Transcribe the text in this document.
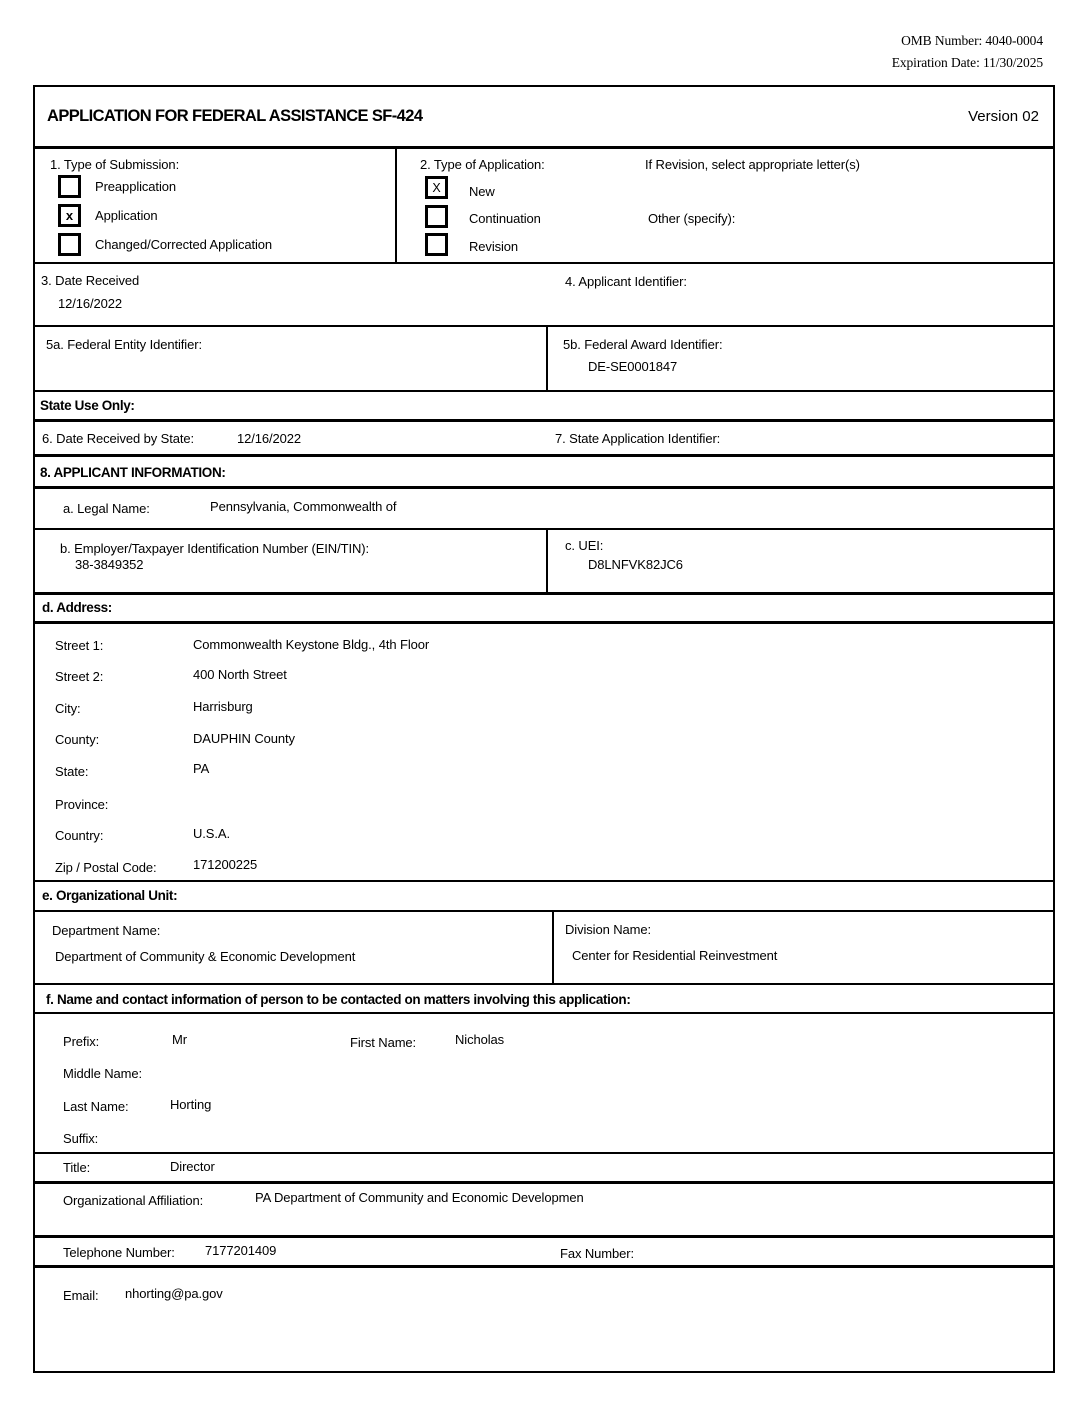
OMB Number: 4040-0004
Expiration Date: 11/30/2025
APPLICATION FOR FEDERAL ASSISTANCE SF-424	Version 02
1. Type of Submission:
Preapplication
x	Application
Changed/Corrected Application
2. Type of Application:	If Revision, select appropriate letter(s)
X	New
Continuation	Other (specify):
Revision
3. Date Received
12/16/2022
4. Applicant Identifier:
5a. Federal Entity Identifier:	5b. Federal Award Identifier:
DE-SE0001847
State Use Only:
6. Date Received by State:	12/16/2022	7. State Application Identifier:
8. APPLICANT INFORMATION:
a. Legal Name:	Pennsylvania, Commonwealth of
b. Employer/Taxpayer Identification Number (EIN/TIN):
38-3849352
c. UEI:
D8LNFVK82JC6
d. Address:
Street 1:	Commonwealth Keystone Bldg., 4th Floor
Street 2:	400 North Street
City:	Harrisburg
County:	DAUPHIN County
State:	PA
Province:
Country:	U.S.A.
Zip / Postal Code:	171200225
e. Organizational Unit:
Department Name:
Department of Community & Economic Development
Division Name:
Center for Residential Reinvestment
f. Name and contact information of person to be contacted on matters involving this application:
Prefix:	Mr	First Name:	Nicholas
Middle Name:
Last Name:	Horting
Suffix:
Title:	Director
Organizational Affiliation:	PA Department of Community and Economic Developmen
Telephone Number: 7177201409	Fax Number:
Email: nhorting@pa.gov
